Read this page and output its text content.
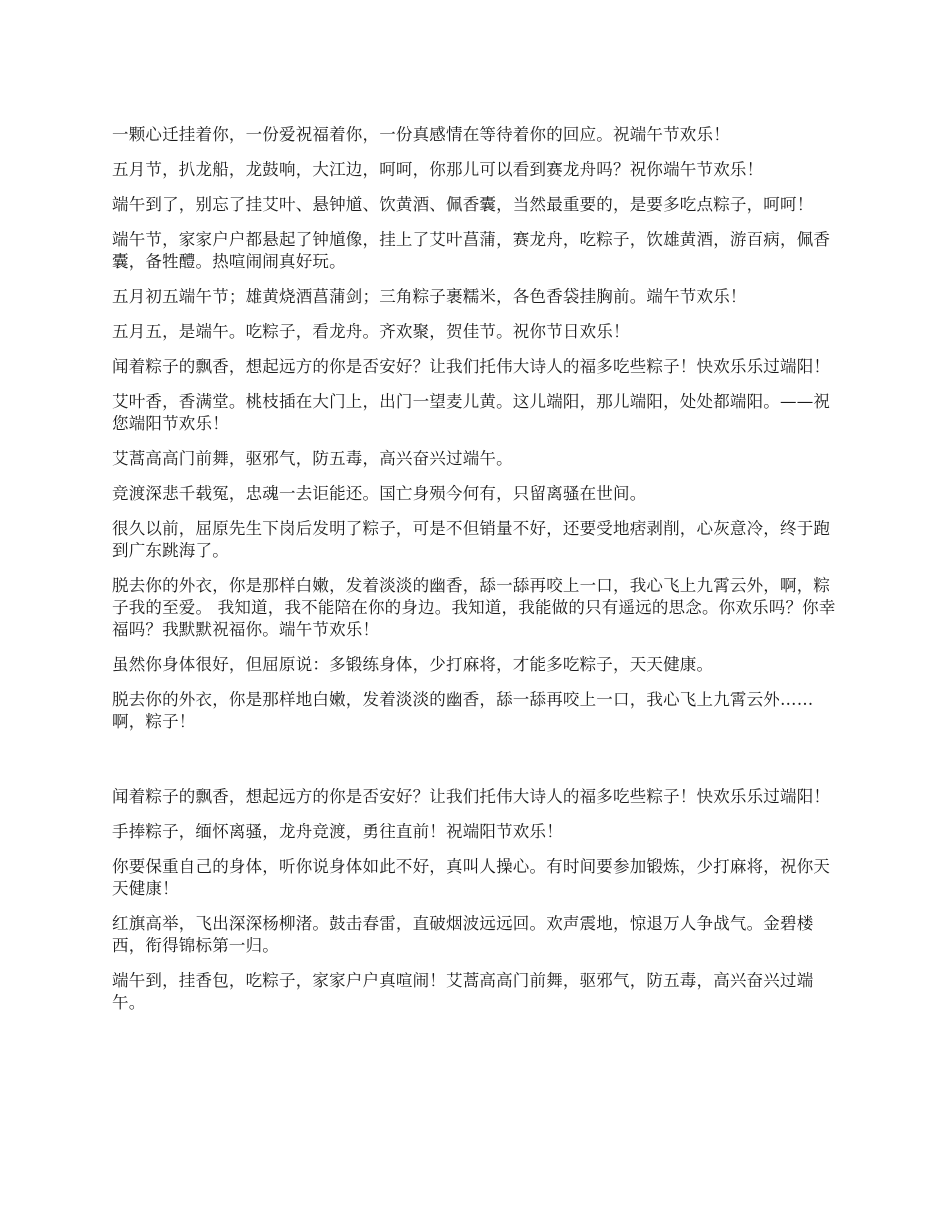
一颗心迁挂着你，一份爱祝福着你，一份真感情在等待着你的回应。祝端午节欢乐！

五月节，扒龙船，龙鼓响，大江边，呵呵，你那儿可以看到赛龙舟吗？祝你端午节欢乐！

端午到了，别忘了挂艾叶、悬钟馗、饮黄酒、佩香囊，当然最重要的，是要多吃点粽子，呵呵！

端午节，家家户户都悬起了钟馗像，挂上了艾叶菖蒲，赛龙舟，吃粽子，饮雄黄酒，游百病，佩香囊，备牲醴。热喧闹闹真好玩。

五月初五端午节；雄黄烧酒菖蒲剑；三角粽子裹糯米，各色香袋挂胸前。端午节欢乐！

五月五，是端午。吃粽子，看龙舟。齐欢聚，贺佳节。祝你节日欢乐！

闻着粽子的飘香，想起远方的你是否安好？让我们托伟大诗人的福多吃些粽子！快欢乐乐过端阳！

艾叶香，香满堂。桃枝插在大门上，出门一望麦儿黄。这儿端阳，那儿端阳，处处都端阳。——祝您端阳节欢乐！

艾蒿高高门前舞，驱邪气，防五毒，高兴奋兴过端午。

竞渡深悲千载冤，忠魂一去讵能还。国亡身殒今何有，只留离骚在世间。

很久以前，屈原先生下岗后发明了粽子，可是不但销量不好，还要受地痞剥削，心灰意冷，终于跑到广东跳海了。

脱去你的外衣，你是那样白嫩，发着淡淡的幽香，舔一舔再咬上一口，我心飞上九霄云外，啊，粽子我的至爱。 我知道，我不能陪在你的身边。我知道，我能做的只有遥远的思念。你欢乐吗？你幸福吗？我默默祝福你。端午节欢乐！

虽然你身体很好，但屈原说：多锻练身体，少打麻将，才能多吃粽子，天天健康。

脱去你的外衣，你是那样地白嫩，发着淡淡的幽香，舔一舔再咬上一口，我心飞上九霄云外……啊，粽子！

闻着粽子的飘香，想起远方的你是否安好？让我们托伟大诗人的福多吃些粽子！快欢乐乐过端阳！

手捧粽子，缅怀离骚，龙舟竞渡，勇往直前！祝端阳节欢乐！

你要保重自己的身体，听你说身体如此不好，真叫人操心。有时间要参加锻炼，少打麻将，祝你天天健康！

红旗高举，飞出深深杨柳渚。鼓击春雷，直破烟波远远回。欢声震地，惊退万人争战气。金碧楼西，衔得锦标第一归。

端午到，挂香包，吃粽子，家家户户真喧闹！艾蒿高高门前舞，驱邪气，防五毒，高兴奋兴过端午。
